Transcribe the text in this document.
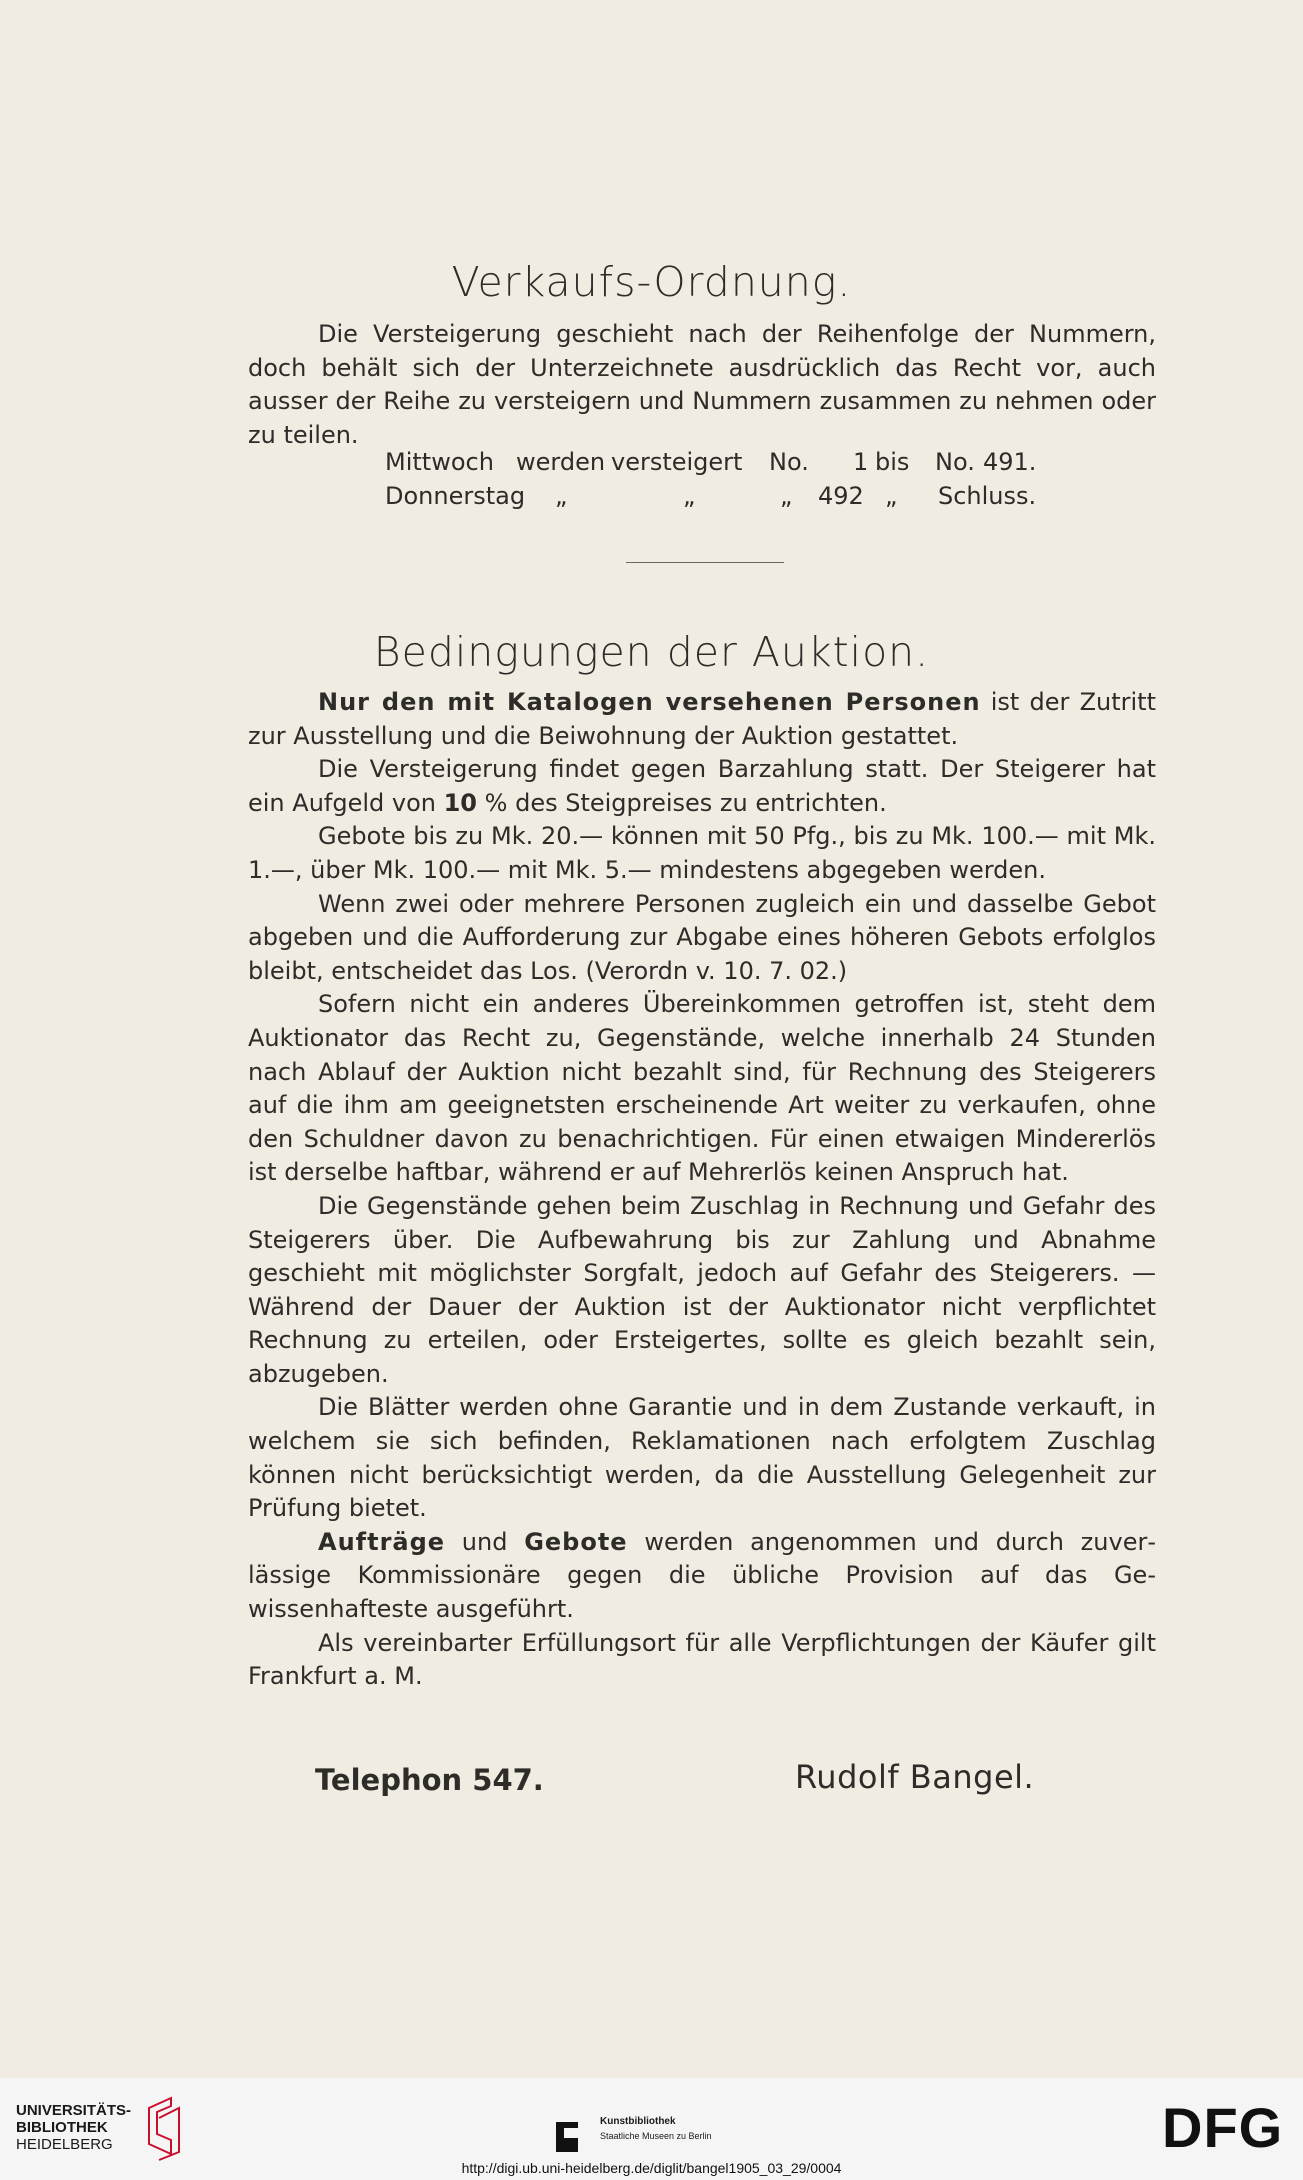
Verkaufs-Ordnung.

Die Versteigerung geschieht nach der Reihenfolge der Nummern, doch behält sich der Unterzeichnete ausdrücklich das Recht vor, auch ausser der Reihe zu versteigern und Nummern zusammen zu nehmen oder zu teilen.

Mittwoch werden versteigert No. 1 bis No. 491.
Donnerstag „	„	„ 492 „ Schluss.
Bedingungen der Auktion.

Nur den mit Katalogen versehenen Personen ist der Zutritt zur Ausstellung und die Beiwohnung der Auktion gestattet.

Die Versteigerung findet gegen Barzahlung statt. Der Steigerer hat ein Aufgeld von 10 % des Steigpreises zu entrichten.

Gebote bis zu Mk. 20.— können mit 50 Pfg., bis zu Mk. 100.— mit Mk. 1.—, über Mk. 100.— mit Mk. 5.— mindestens abgegeben werden.

Wenn zwei oder mehrere Personen zugleich ein und dasselbe Gebot abgeben und die Aufforderung zur Abgabe eines höheren Gebots erfolglos bleibt, entscheidet das Los. (Verordn v. 10. 7. 02.)

Sofern nicht ein anderes Übereinkommen getroffen ist, steht dem Auktionator das Recht zu, Gegenstände, welche innerhalb 24 Stunden nach Ablauf der Auktion nicht bezahlt sind, für Rechnung des Steigerers auf die ihm am geeignetsten erscheinende Art weiter zu verkaufen, ohne den Schuldner davon zu benachrichtigen. Für einen etwaigen Mindererlös ist derselbe haftbar, während er auf Mehrerlös keinen Anspruch hat.

Die Gegenstände gehen beim Zuschlag in Rechnung und Gefahr des Steigerers über. Die Aufbewahrung bis zur Zahlung und Abnahme geschieht mit möglichster Sorgfalt, jedoch auf Gefahr des Steigerers. — Während der Dauer der Auktion ist der Auktionator nicht verpflichtet Rechnung zu erteilen, oder Ersteigertes, sollte es gleich bezahlt sein, abzugeben.

Die Blätter werden ohne Garantie und in dem Zustande verkauft, in welchem sie sich befinden, Reklamationen nach erfolgtem Zuschlag können nicht berücksichtigt werden, da die Ausstellung Gelegenheit zur Prüfung bietet.

Aufträge und Gebote werden angenommen und durch zuverlässige Kommissionäre gegen die übliche Provision auf das Gewissenhafteste ausgeführt.

Als vereinbarter Erfüllungsort für alle Verpflichtungen der Käufer gilt Frankfurt a. M.

Telephon 547.	Rudolf Bangel.
UNIVERSITÄTS-
BIBLIOTHEK
HEIDELBERG
Kunstbibliothek
Staatliche Museen zu Berlin	DFG
http://digi.ub.uni-heidelberg.de/diglit/bangel1905_03_29/0004
